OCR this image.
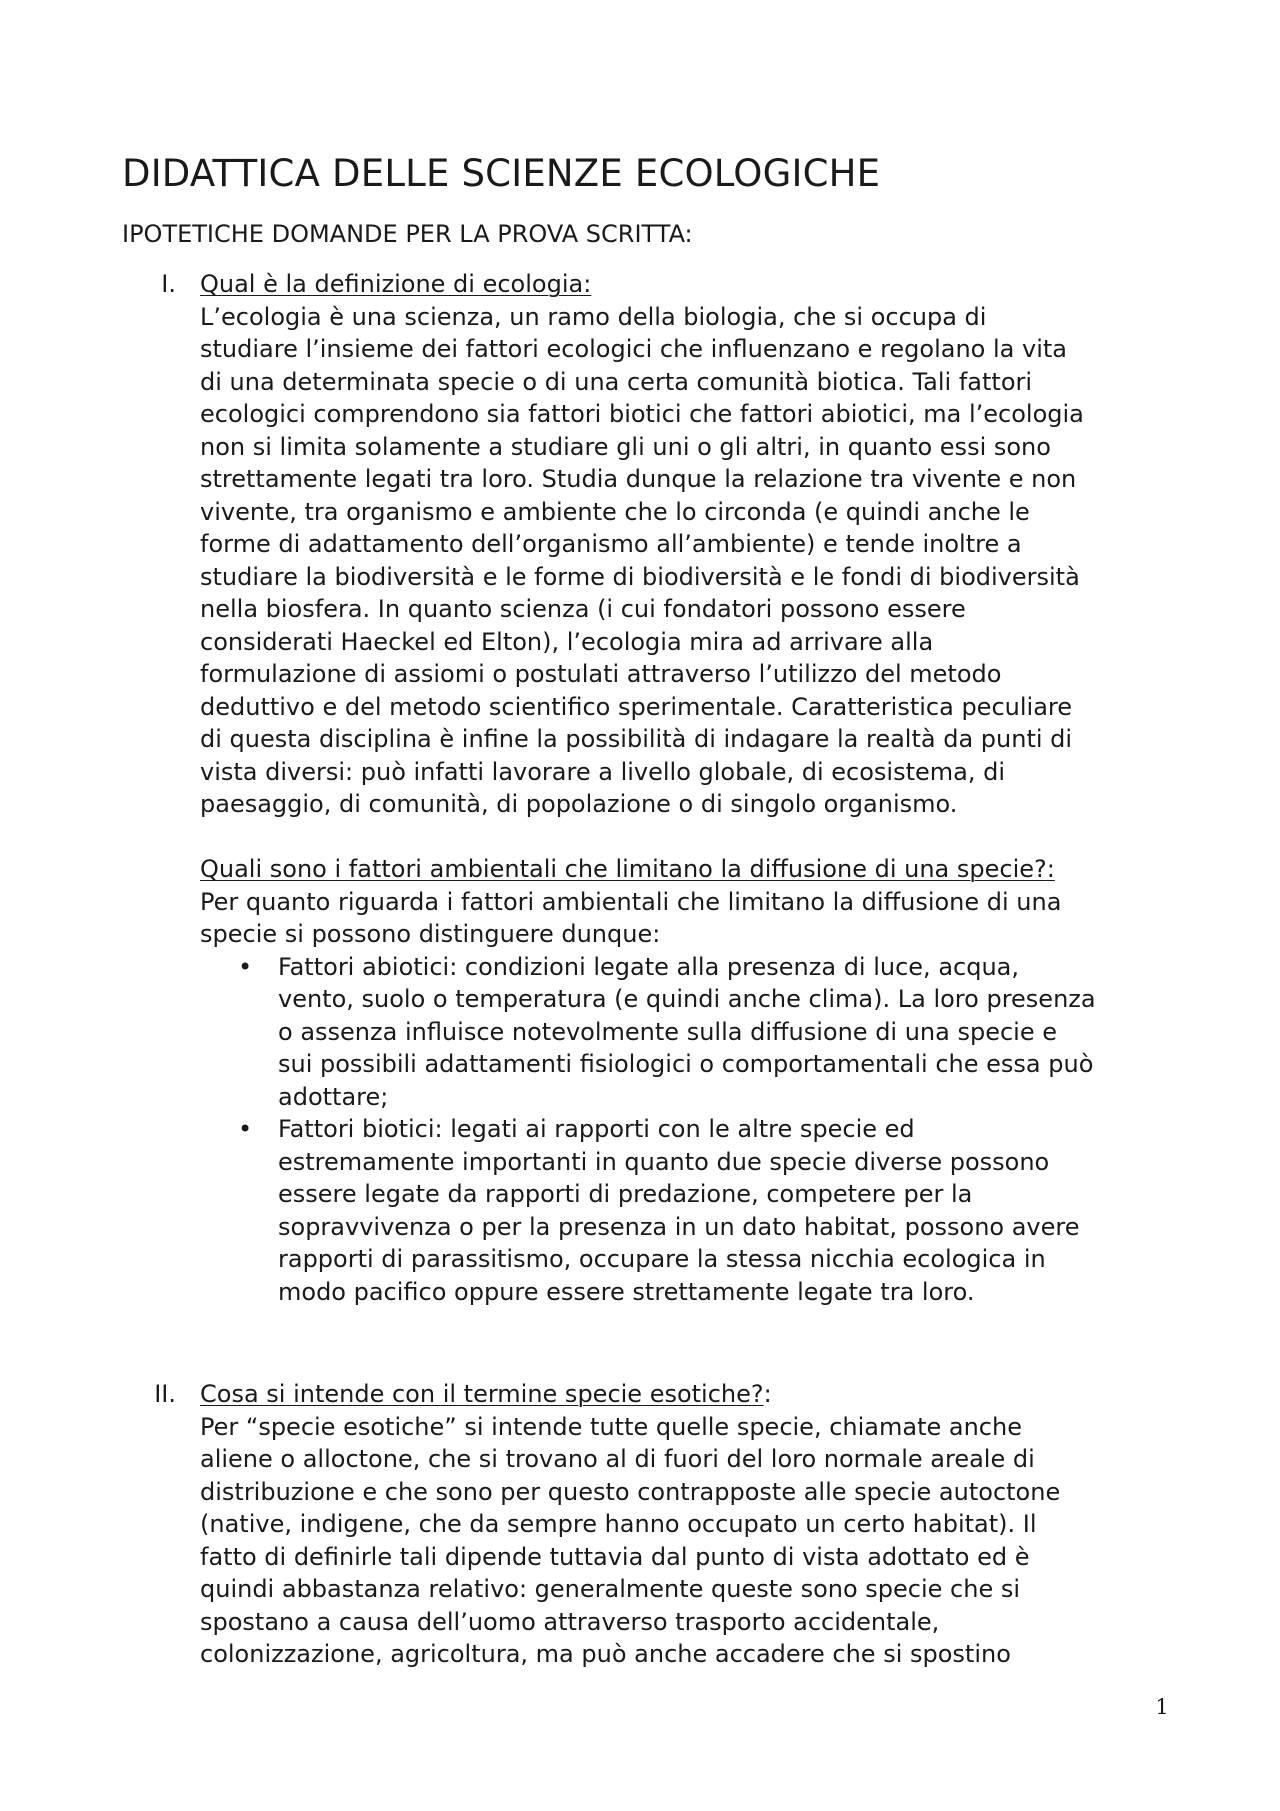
DIDATTICA DELLE SCIENZE ECOLOGICHE

IPOTETICHE DOMANDE PER LA PROVA SCRITTA:

I. Qual è la definizione di ecologia:

L’ecologia è una scienza, un ramo della biologia, che si occupa di
studiare l’insieme dei fattori ecologici che influenzano e regolano la vita
di una determinata specie o di una certa comunità biotica. Tali fattori
ecologici comprendono sia fattori biotici che fattori abiotici, ma l’ecologia
non si limita solamente a studiare gli uni o gli altri, in quanto essi sono
strettamente legati tra loro. Studia dunque la relazione tra vivente e non
vivente, tra organismo e ambiente che lo circonda (e quindi anche le
forme di adattamento dell’organismo all’ambiente) e tende inoltre a
studiare la biodiversità e le forme di biodiversità e le fondi di biodiversità
nella biosfera. In quanto scienza (i cui fondatori possono essere
considerati Haeckel ed Elton), l’ecologia mira ad arrivare alla
formulazione di assiomi o postulati attraverso l’utilizzo del metodo
deduttivo e del metodo scientifico sperimentale. Caratteristica peculiare
di questa disciplina è infine la possibilità di indagare la realtà da punti di
vista diversi: può infatti lavorare a livello globale, di ecosistema, di
paesaggio, di comunità, di popolazione o di singolo organismo.

Quali sono i fattori ambientali che limitano la diffusione di una specie?:

Per quanto riguarda i fattori ambientali che limitano la diffusione di una
specie si possono distinguere dunque:
• Fattori abiotici: condizioni legate alla presenza di luce, acqua,
vento, suolo o temperatura (e quindi anche clima). La loro presenza
o assenza influisce notevolmente sulla diffusione di una specie e
sui possibili adattamenti fisiologici o comportamentali che essa può
adottare;
• Fattori biotici: legati ai rapporti con le altre specie ed
estremamente importanti in quanto due specie diverse possono
essere legate da rapporti di predazione, competere per la
sopravvivenza o per la presenza in un dato habitat, possono avere
rapporti di parassitismo, occupare la stessa nicchia ecologica in
modo pacifico oppure essere strettamente legate tra loro.
II. Cosa si intende con il termine specie esotiche?:

Per “specie esotiche” si intende tutte quelle specie, chiamate anche
aliene o alloctone, che si trovano al di fuori del loro normale areale di
distribuzione e che sono per questo contrapposte alle specie autoctone
(native, indigene, che da sempre hanno occupato un certo habitat). Il
fatto di definirle tali dipende tuttavia dal punto di vista adottato ed è
quindi abbastanza relativo: generalmente queste sono specie che si
spostano a causa dell’uomo attraverso trasporto accidentale,
colonizzazione, agricoltura, ma può anche accadere che si spostino
1
